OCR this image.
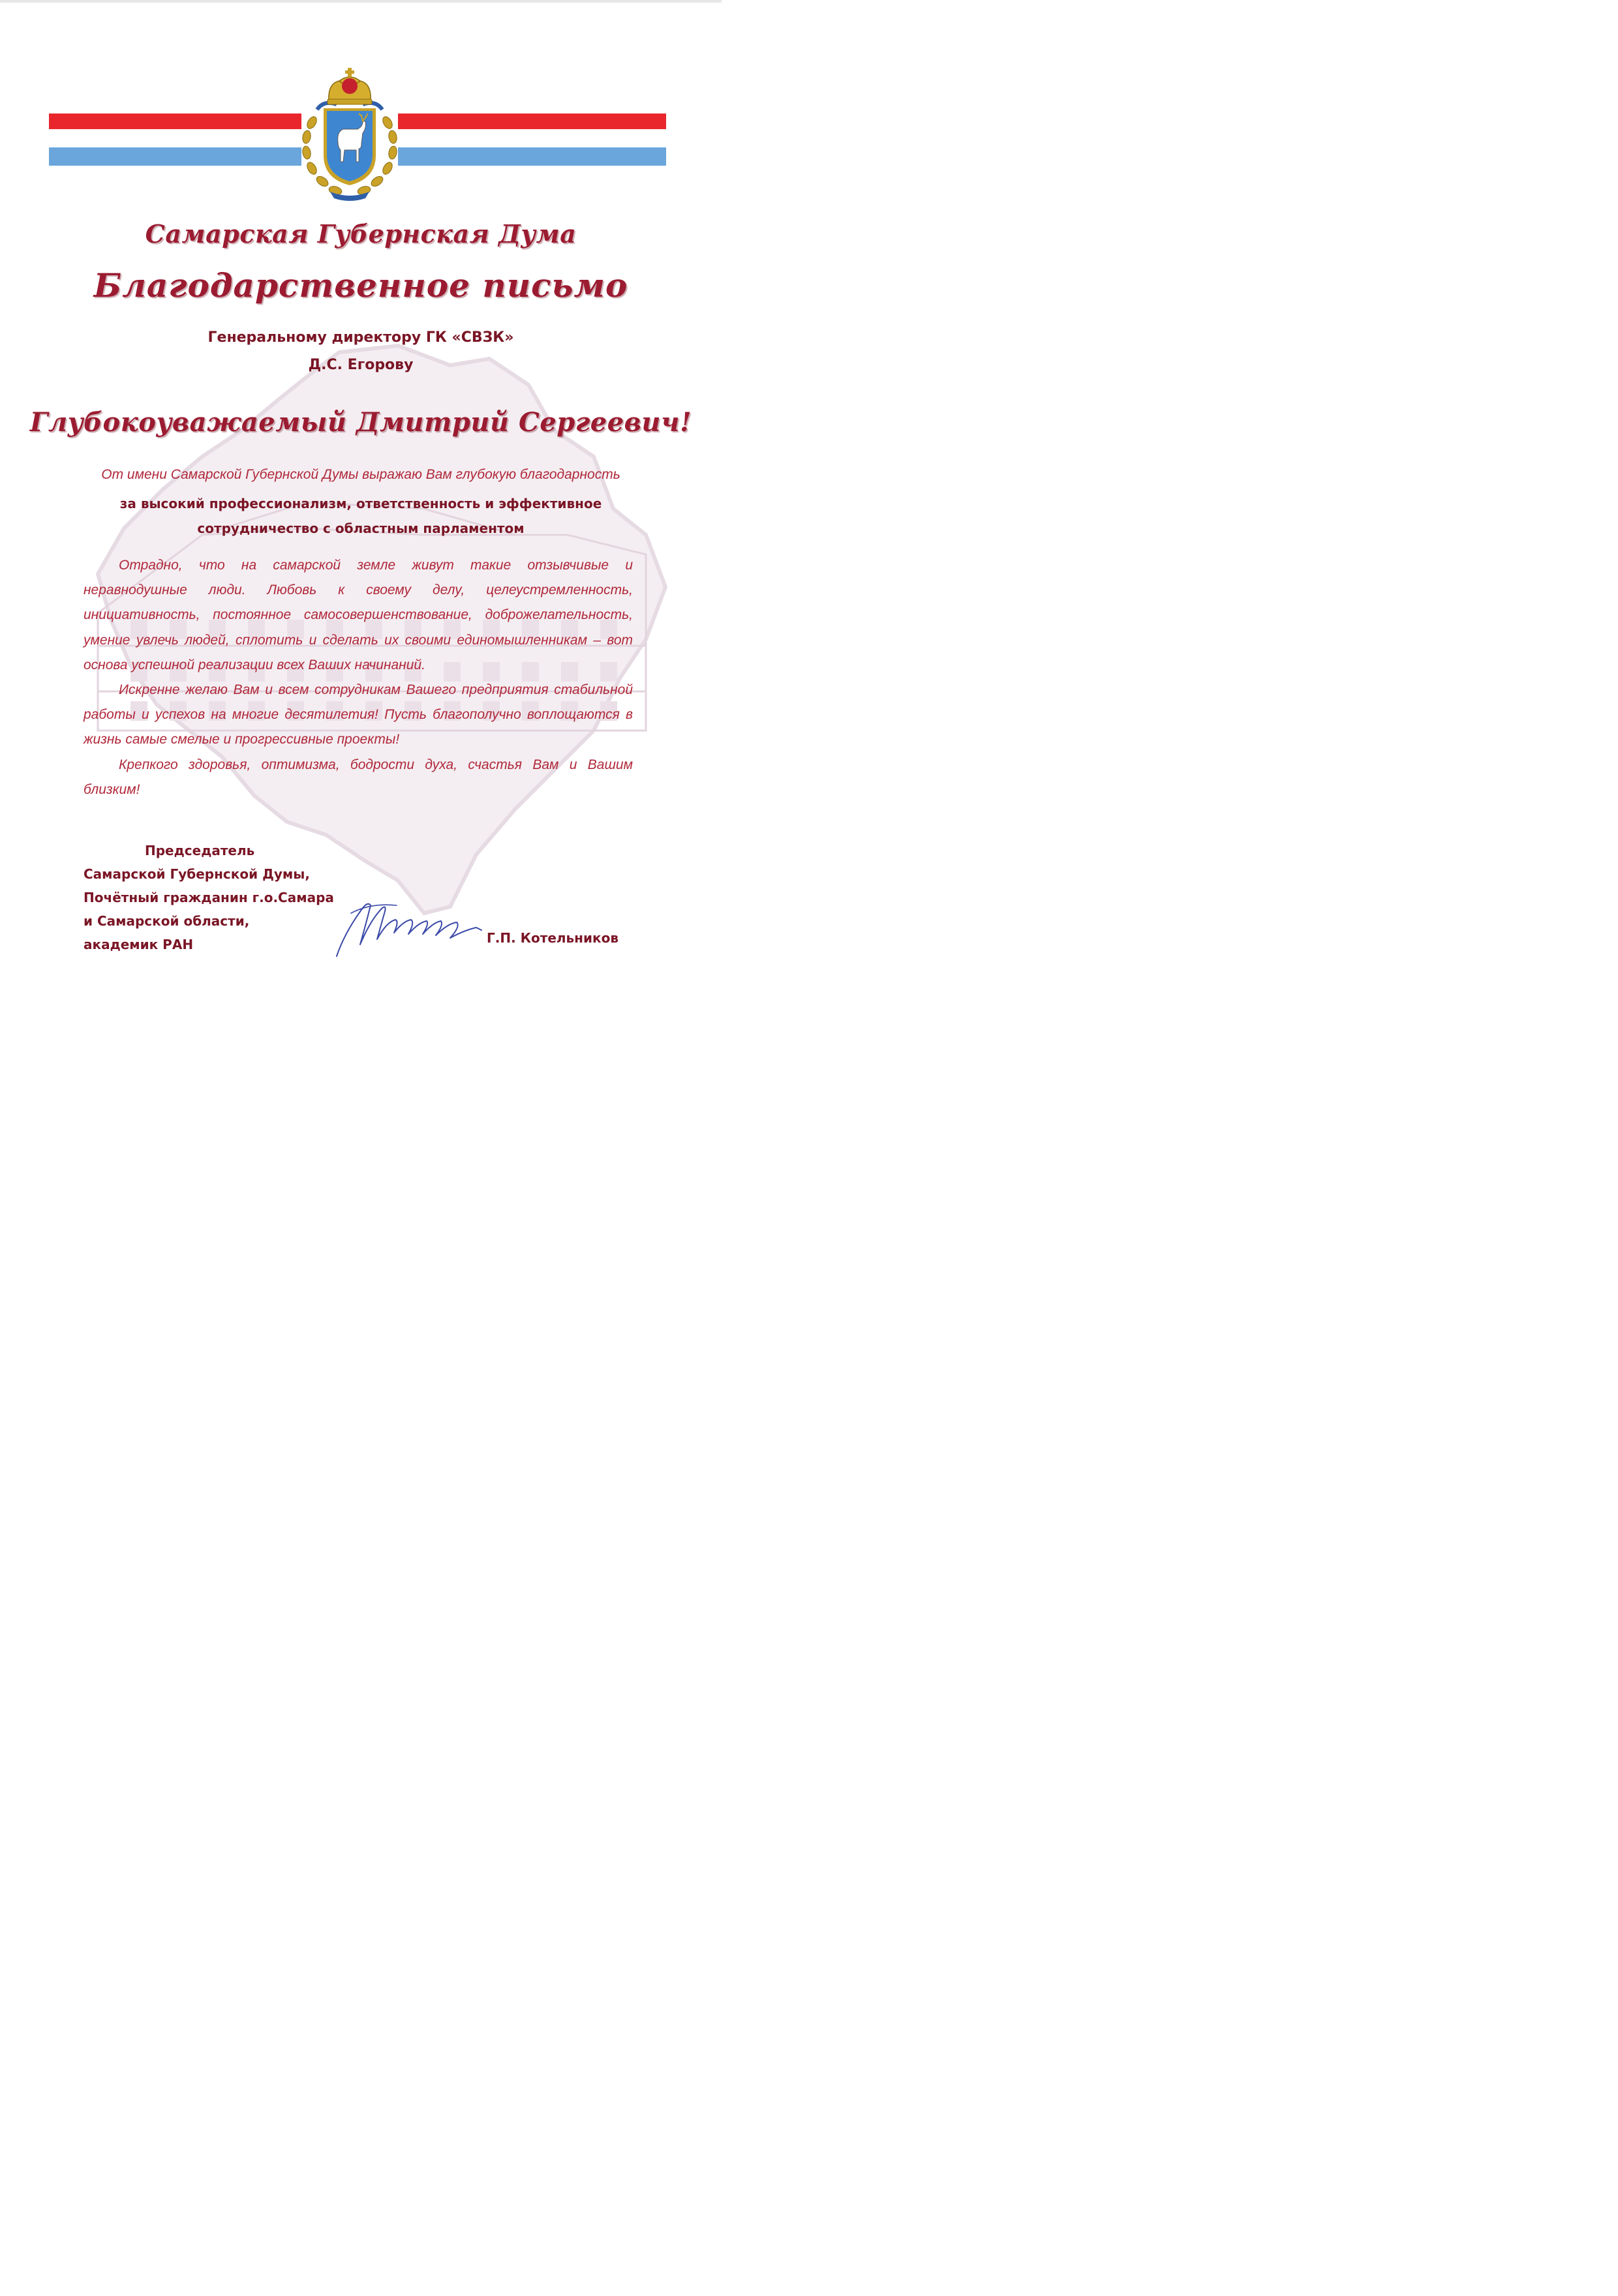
Самарская Губернская Дума
Благодарственное письмо
Генеральному директору ГК «СВЗК»
Д.С. Егорову
Глубокоуважаемый Дмитрий Сергеевич!
От имени Самарской Губернской Думы выражаю Вам глубокую благодарность
за высокий профессионализм, ответственность и эффективное
сотрудничество с областным парламентом

Отрадно, что на самарской земле живут такие отзывчивые и неравнодушные люди. Любовь к своему делу, целеустремленность, инициативность, постоянное самосовершенствование, доброжелательность, умение увлечь людей, сплотить и сделать их своими единомышленникам – вот основа успешной реализации всех Ваших начинаний.

Искренне желаю Вам и всем сотрудникам Вашего предприятия стабильной работы и успехов на многие десятилетия! Пусть благополучно воплощаются в жизнь самые смелые и прогрессивные проекты!

Крепкого здоровья, оптимизма, бодрости духа, счастья Вам и Вашим близким!

Председатель
Самарской Губернской Думы,
Почётный гражданин г.о.Самара
и Самарской области,
академик РАН	Г.П. Котельников
